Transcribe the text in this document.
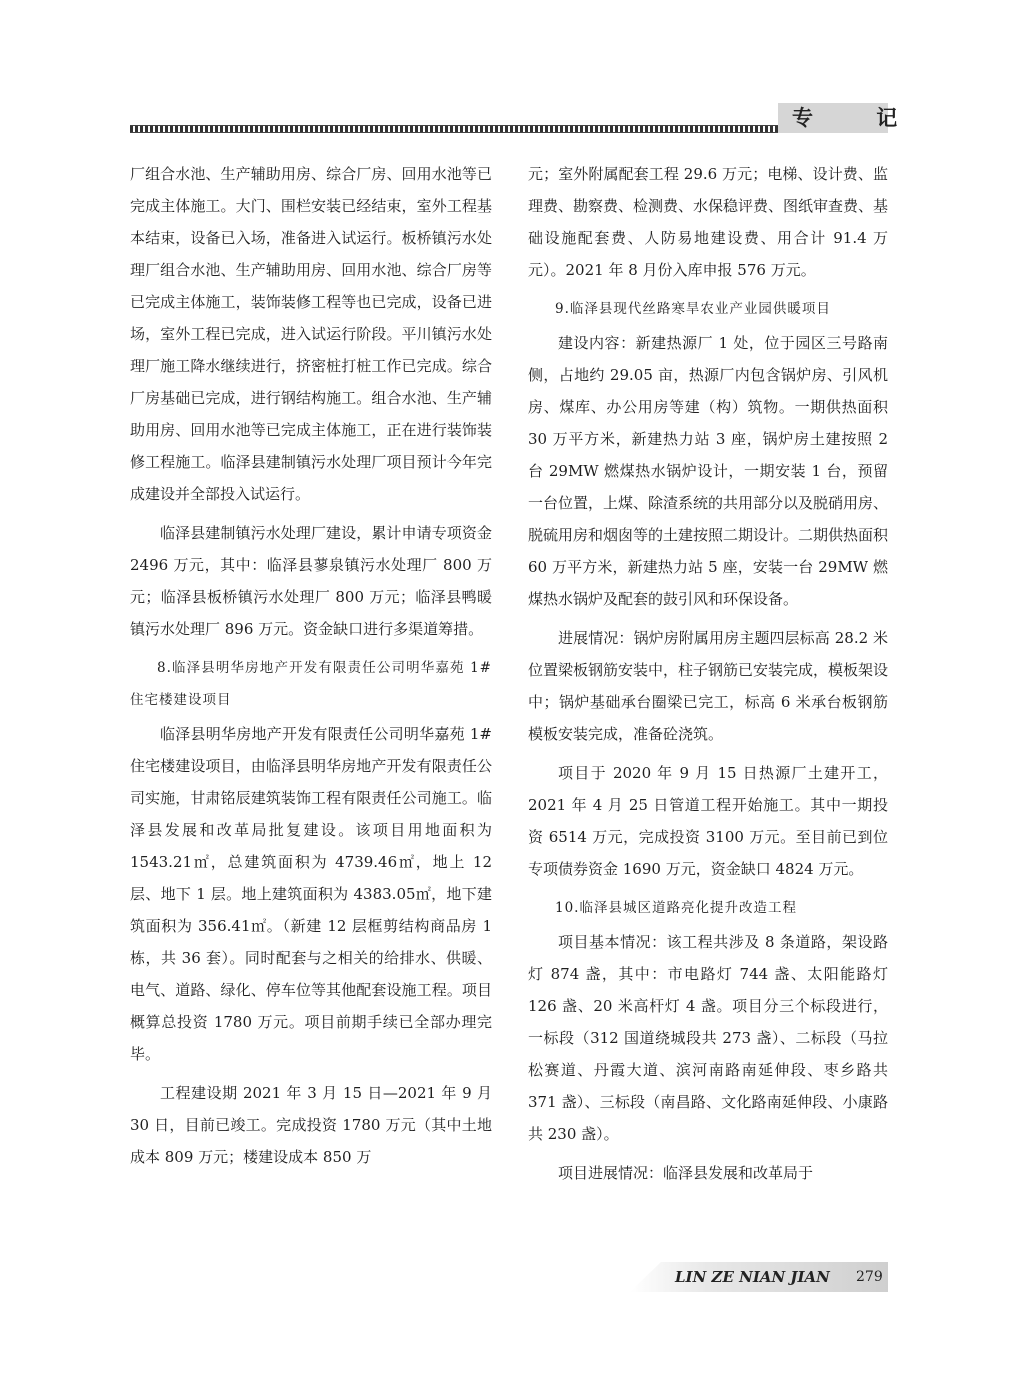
专 记

厂组合水池、生产辅助用房、综合厂房、回用水池等已完成主体施工。大门、围栏安装已经结束，室外工程基本结束，设备已入场，准备进入试运行。板桥镇污水处理厂组合水池、生产辅助用房、回用水池、综合厂房等已完成主体施工，装饰装修工程等也已完成，设备已进场，室外工程已完成，进入试运行阶段。平川镇污水处理厂施工降水继续进行，挤密桩打桩工作已完成。综合厂房基础已完成，进行钢结构施工。组合水池、生产辅助用房、回用水池等已完成主体施工，正在进行装饰装修工程施工。临泽县建制镇污水处理厂项目预计今年完成建设并全部投入试运行。

临泽县建制镇污水处理厂建设，累计申请专项资金 2496 万元，其中：临泽县蓼泉镇污水处理厂 800 万元；临泽县板桥镇污水处理厂 800 万元；临泽县鸭暖镇污水处理厂 896 万元。资金缺口进行多渠道筹措。

8.临泽县明华房地产开发有限责任公司明华嘉苑 1# 住宅楼建设项目

临泽县明华房地产开发有限责任公司明华嘉苑 1# 住宅楼建设项目，由临泽县明华房地产开发有限责任公司实施，甘肃铭辰建筑装饰工程有限责任公司施工。临泽县发展和改革局批复建设。该项目用地面积为 1543.21㎡，总建筑面积为 4739.46㎡，地上 12 层、地下 1 层。地上建筑面积为 4383.05㎡，地下建筑面积为 356.41㎡。（新建 12 层框剪结构商品房 1 栋，共 36 套）。同时配套与之相关的给排水、供暖、电气、道路、绿化、停车位等其他配套设施工程。项目概算总投资 1780 万元。项目前期手续已全部办理完毕。

工程建设期 2021 年 3 月 15 日—2021 年 9 月 30 日，目前已竣工。完成投资 1780 万元（其中土地成本 809 万元；楼建设成本 850 万

元；室外附属配套工程 29.6 万元；电梯、设计费、监理费、勘察费、检测费、水保稳评费、图纸审查费、基础设施配套费、人防易地建设费、用合计 91.4 万元）。2021 年 8 月份入库申报 576 万元。

9.临泽县现代丝路寒旱农业产业园供暖项目

建设内容：新建热源厂 1 处，位于园区三号路南侧，占地约 29.05 亩，热源厂内包含锅炉房、引风机房、煤库、办公用房等建（构）筑物。一期供热面积 30 万平方米，新建热力站 3 座，锅炉房土建按照 2 台 29MW 燃煤热水锅炉设计，一期安装 1 台，预留一台位置，上煤、除渣系统的共用部分以及脱硝用房、脱硫用房和烟囱等的土建按照二期设计。二期供热面积 60 万平方米，新建热力站 5 座，安装一台 29MW 燃煤热水锅炉及配套的鼓引风和环保设备。

进展情况：锅炉房附属用房主题四层标高 28.2 米位置梁板钢筋安装中，柱子钢筋已安装完成，模板架设中；锅炉基础承台圈梁已完工，标高 6 米承台板钢筋模板安装完成，准备砼浇筑。

项目于 2020 年 9 月 15 日热源厂土建开工，2021 年 4 月 25 日管道工程开始施工。其中一期投资 6514 万元，完成投资 3100 万元。至目前已到位专项债券资金 1690 万元，资金缺口 4824 万元。

10.临泽县城区道路亮化提升改造工程

项目基本情况：该工程共涉及 8 条道路，架设路灯 874 盏，其中：市电路灯 744 盏、太阳能路灯 126 盏、20 米高杆灯 4 盏。项目分三个标段进行，一标段（312 国道绕城段共 273 盏）、二标段（马拉松赛道、丹霞大道、滨河南路南延伸段、枣乡路共 371 盏）、三标段（南昌路、文化路南延伸段、小康路共 230 盏）。

项目进展情况：临泽县发展和改革局于

LIN ZE NIAN JIAN 279
